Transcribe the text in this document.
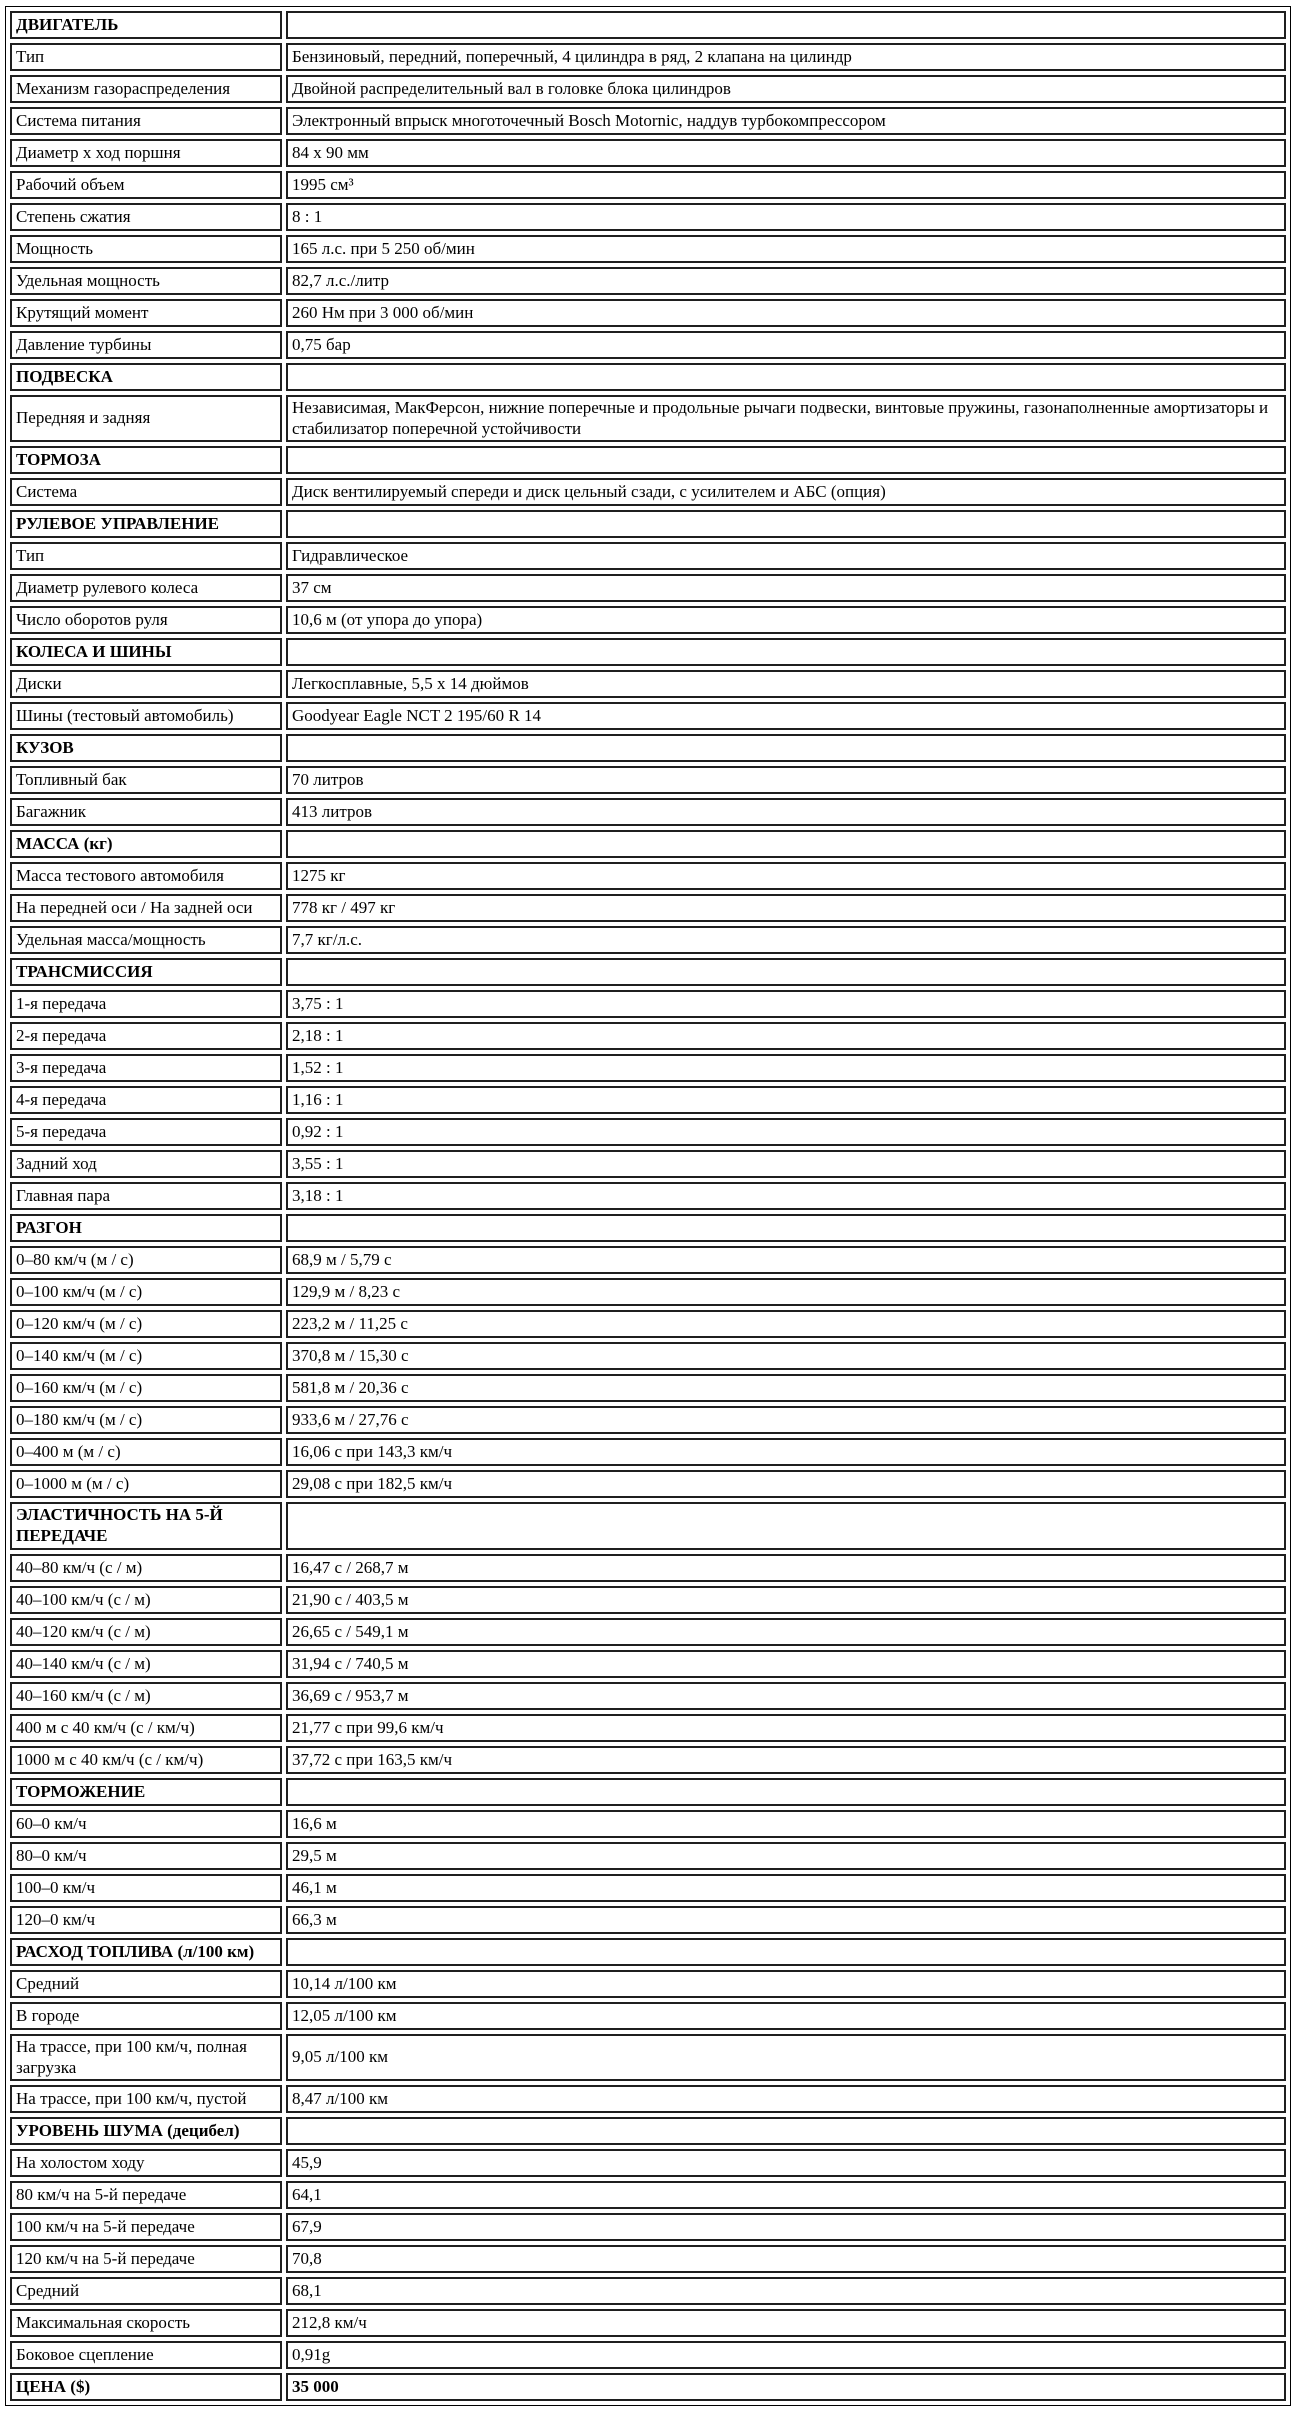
ДВИГАТЕЛЬ	
Тип	Бензиновый, передний, поперечный, 4 цилиндра в ряд, 2 клапана на цилиндр
Механизм газораспределения	Двойной распределительный вал в головке блока цилиндров
Система питания	Электронный впрыск многоточечный Bosch Motornic, наддув турбокомпрессором
Диаметр х ход поршня	84 х 90 мм
Рабочий объем	1995 см³
Степень сжатия	8 : 1
Мощность	165 л.с. при 5 250 об/мин
Удельная мощность	82,7 л.с./литр
Крутящий момент	260 Нм при 3 000 об/мин
Давление турбины	0,75 бар
ПОДВЕСКА	
Передняя и задняя	Независимая, МакФерсон, нижние поперечные и продольные рычаги подвески, винтовые пружины, газонаполненные амортизаторы и стабилизатор поперечной устойчивости
ТОРМОЗА	
Система	Диск вентилируемый спереди и диск цельный сзади, с усилителем и АБС (опция)
РУЛЕВОЕ УПРАВЛЕНИЕ	
Тип	Гидравлическое
Диаметр рулевого колеса	37 см
Число оборотов руля	10,6 м (от упора до упора)
КОЛЕСА И ШИНЫ	
Диски	Легкосплавные, 5,5 х 14 дюймов
Шины (тестовый автомобиль)	Goodyear Eagle NCT 2 195/60 R 14
КУЗОВ	
Топливный бак	70 литров
Багажник	413 литров
МАССА (кг)	
Масса тестового автомобиля	1275 кг
На передней оси / На задней оси	778 кг / 497 кг
Удельная масса/мощность	7,7 кг/л.с.
ТРАНСМИССИЯ	
1-я передача	3,75 : 1
2-я передача	2,18 : 1
3-я передача	1,52 : 1
4-я передача	1,16 : 1
5-я передача	0,92 : 1
Задний ход	3,55 : 1
Главная пара	3,18 : 1
РАЗГОН	
0–80 км/ч (м / с)	68,9 м / 5,79 с
0–100 км/ч (м / с)	129,9 м / 8,23 с
0–120 км/ч (м / с)	223,2 м / 11,25 с
0–140 км/ч (м / с)	370,8 м / 15,30 с
0–160 км/ч (м / с)	581,8 м / 20,36 с
0–180 км/ч (м / с)	933,6 м / 27,76 с
0–400 м (м / с)	16,06 с при 143,3 км/ч
0–1000 м (м / с)	29,08 с при 182,5 км/ч
ЭЛАСТИЧНОСТЬ НА 5-Й ПЕРЕДАЧЕ	
40–80 км/ч (с / м)	16,47 с / 268,7 м
40–100 км/ч (с / м)	21,90 с / 403,5 м
40–120 км/ч (с / м)	26,65 с / 549,1 м
40–140 км/ч (с / м)	31,94 с / 740,5 м
40–160 км/ч (с / м)	36,69 с / 953,7 м
400 м с 40 км/ч (с / км/ч)	21,77 с при 99,6 км/ч
1000 м с 40 км/ч (с / км/ч)	37,72 с при 163,5 км/ч
ТОРМОЖЕНИЕ	
60–0 км/ч	16,6 м
80–0 км/ч	29,5 м
100–0 км/ч	46,1 м
120–0 км/ч	66,3 м
РАСХОД ТОПЛИВА (л/100 км)	
Средний	10,14 л/100 км
В городе	12,05 л/100 км
На трассе, при 100 км/ч, полная загрузка	9,05 л/100 км
На трассе, при 100 км/ч, пустой	8,47 л/100 км
УРОВЕНЬ ШУМА (децибел)	
На холостом ходу	45,9
80 км/ч на 5-й передаче	64,1
100 км/ч на 5-й передаче	67,9
120 км/ч на 5-й передаче	70,8
Средний	68,1
Максимальная скорость	212,8 км/ч
Боковое сцепление	0,91g
ЦЕНА ($)	35 000
